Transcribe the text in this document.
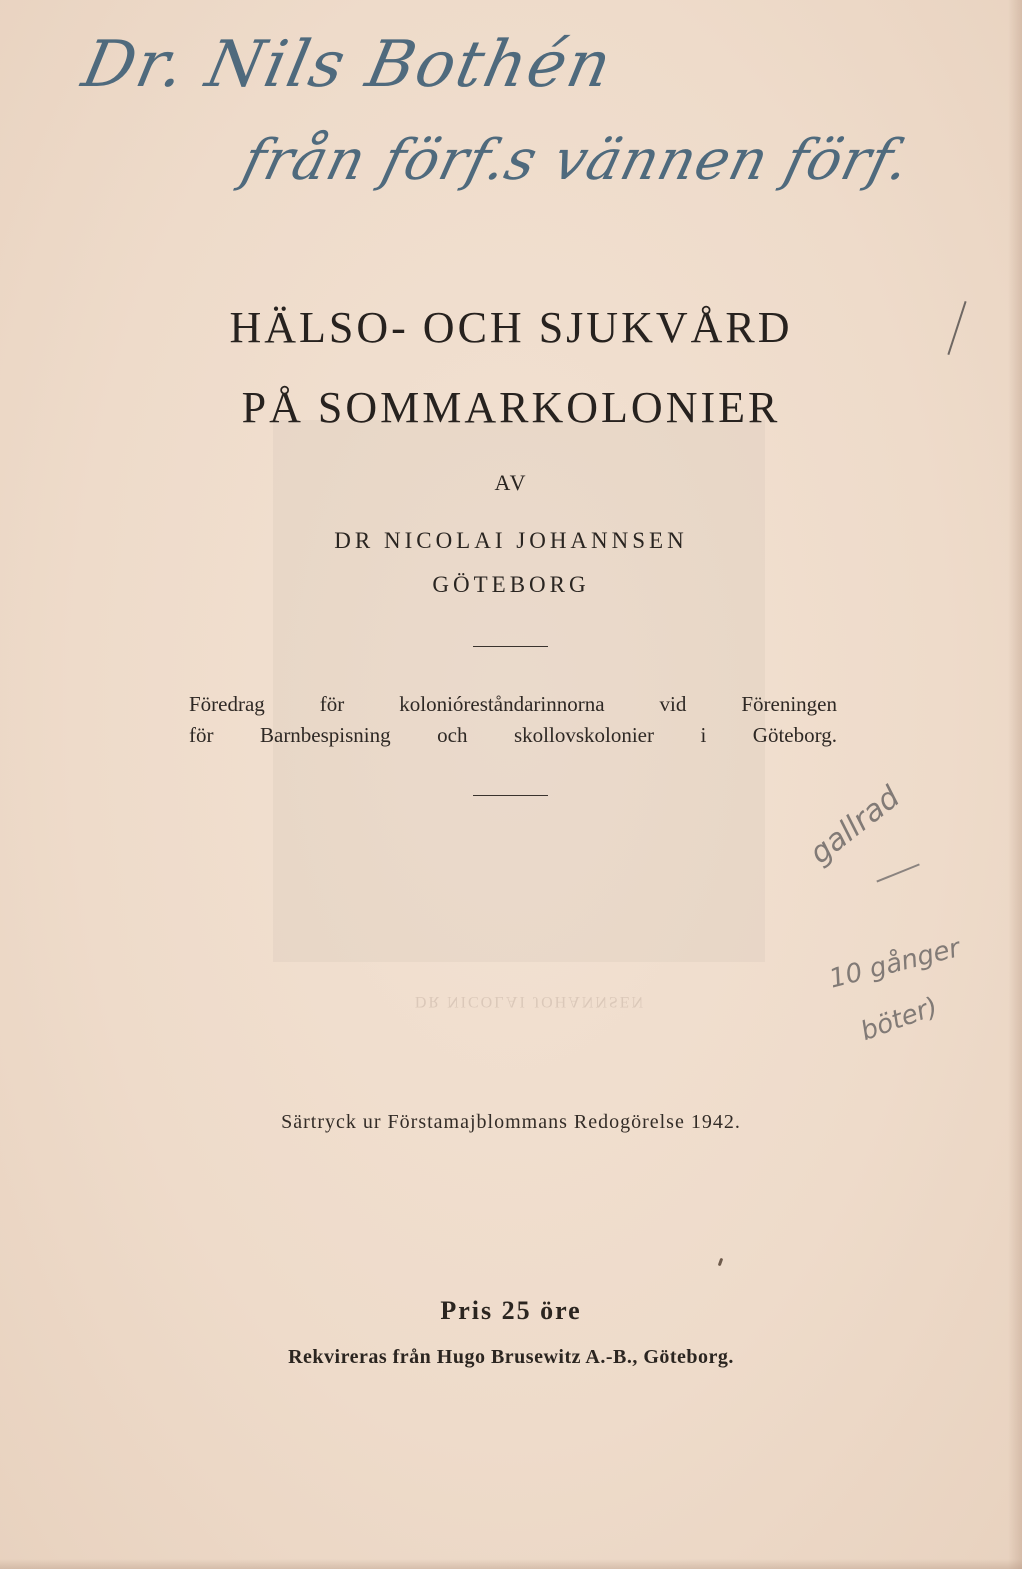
DR NICOLAI JOHANNSEN
Dr. Nils Bothén
från förf.s vännen förf.
HÄLSO- OCH SJUKVÅRD
PÅ SOMMARKOLONIER
AV
DR NICOLAI JOHANNSEN
GÖTEBORG
Föredrag för kolonióreståndarinnorna vid Föreningen
för Barnbespisning och skollovskolonier i Göteborg.
gallrad
10 gånger
böter)
Särtryck ur Förstamajblommans Redogörelse 1942.
Pris 25 öre
Rekvireras från Hugo Brusewitz A.-B., Göteborg.
